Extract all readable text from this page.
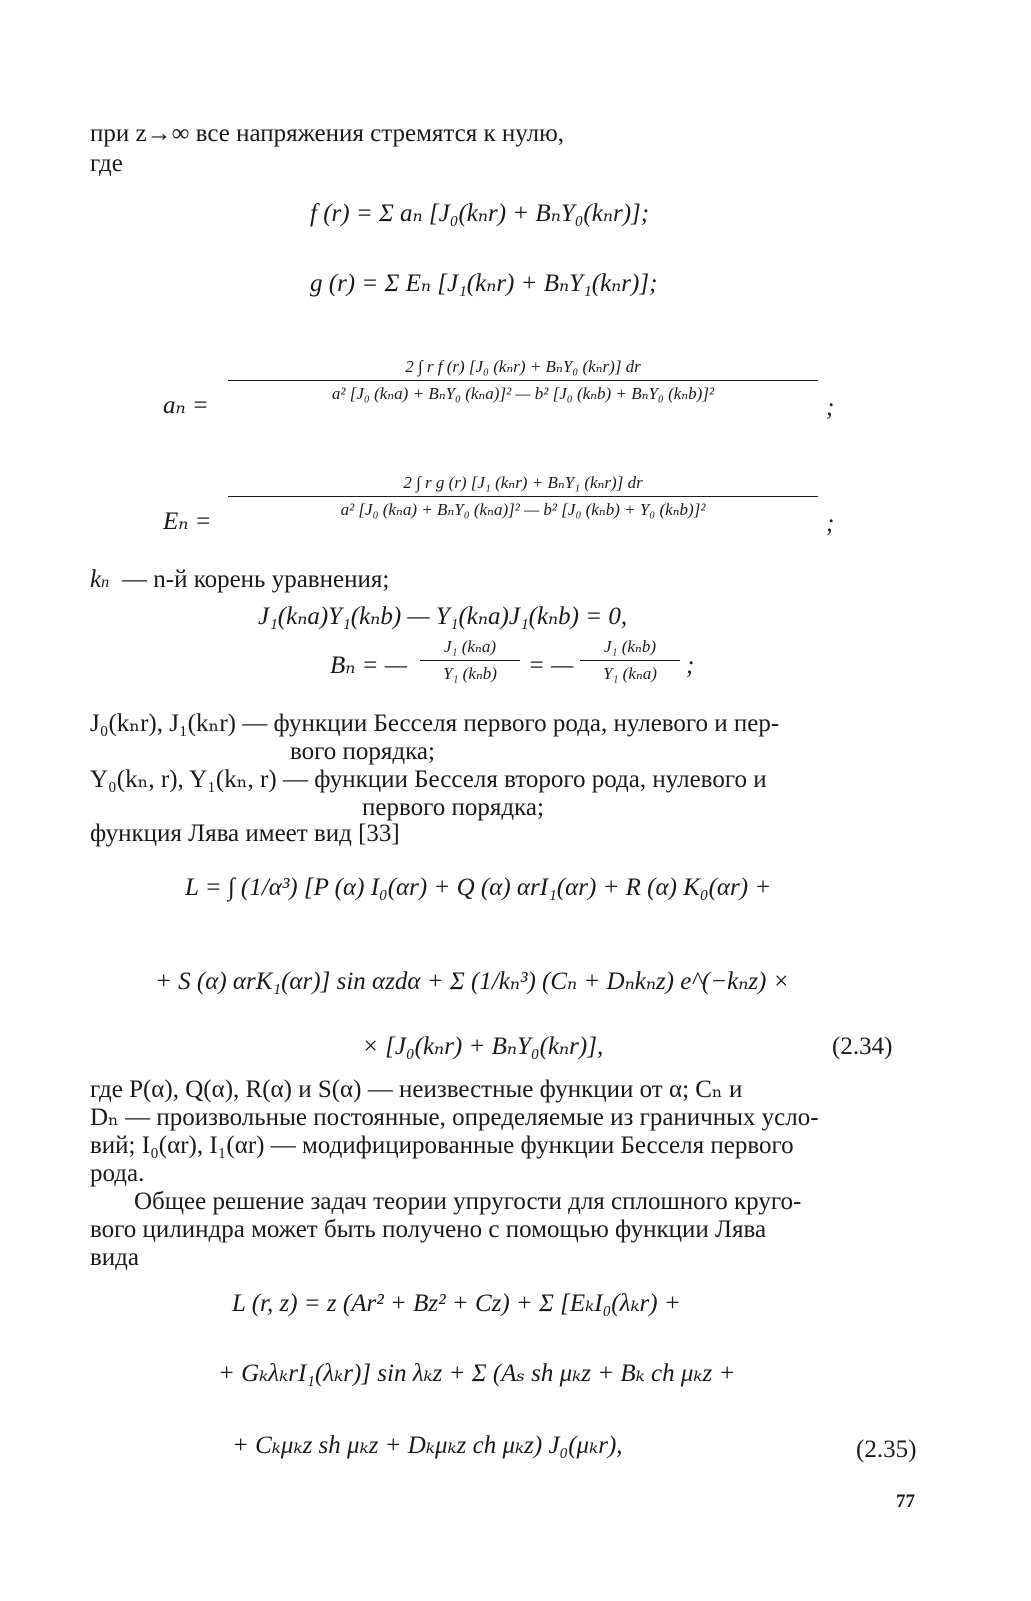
при z→∞ все напряжения стремятся к нулю,
где
f (r) = Σ aₙ [J₀(kₙr) + BₙY₀(kₙr)];
g (r) = Σ Eₙ [J₁(kₙr) + BₙY₁(kₙr)];
aₙ =
2 ∫ r f (r) [J₀ (kₙr) + BₙY₀ (kₙr)] dr
a² [J₀ (kₙa) + BₙY₀ (kₙa)]² — b² [J₀ (kₙb) + BₙY₀ (kₙb)]²
;
Eₙ =
2 ∫ r g (r) [J₁ (kₙr) + BₙY₁ (kₙr)] dr
a² [J₀ (kₙa) + BₙY₀ (kₙa)]² — b² [J₀ (kₙb) + Y₀ (kₙb)]²
;
kn — n-й корень уравнения;
J₁(kₙa)Y₁(kₙb) — Y₁(kₙa)J₁(kₙb) = 0,
Bₙ = —
J₁ (kₙa)
Y₁ (kₙb)	= —
J₁ (kₙb)
Y₁ (kₙa)	;
J₀(kₙr), J₁(kₙr) — функции Бесселя первого рода, нулевого и пер-
вого порядка;
Y₀(kₙ, r), Y₁(kₙ, r) — функции Бесселя второго рода, нулевого и
первого порядка;
функция Лява имеет вид [33]
L = ∫ (1/α³) [P (α) I₀(αr) + Q (α) αrI₁(αr) + R (α) K₀(αr) +
+ S (α) αrK₁(αr)] sin αzdα + Σ (1/kₙ³) (Cₙ + Dₙkₙz) e^(−kₙz) ×
× [J₀(kₙr) + BₙY₀(kₙr)],	(2.34)
где P(α), Q(α), R(α) и S(α) — неизвестные функции от α; Cₙ и
Dₙ — произвольные постоянные, определяемые из граничных усло-
вий; I₀(αr), I₁(αr) — модифицированные функции Бесселя первого
рода.
Общее решение задач теории упругости для сплошного круго-
вого цилиндра может быть получено с помощью функции Лява
вида
L (r, z) = z (Ar² + Bz² + Cz) + Σ [EₖI₀(λₖr) +
+ GₖλₖrI₁(λₖr)] sin λₖz + Σ (Aₛ sh μₖz + Bₖ ch μₖz +
+ Cₖμₖz sh μₖz + Dₖμₖz ch μₖz) J₀(μₖr),	(2.35)
77
